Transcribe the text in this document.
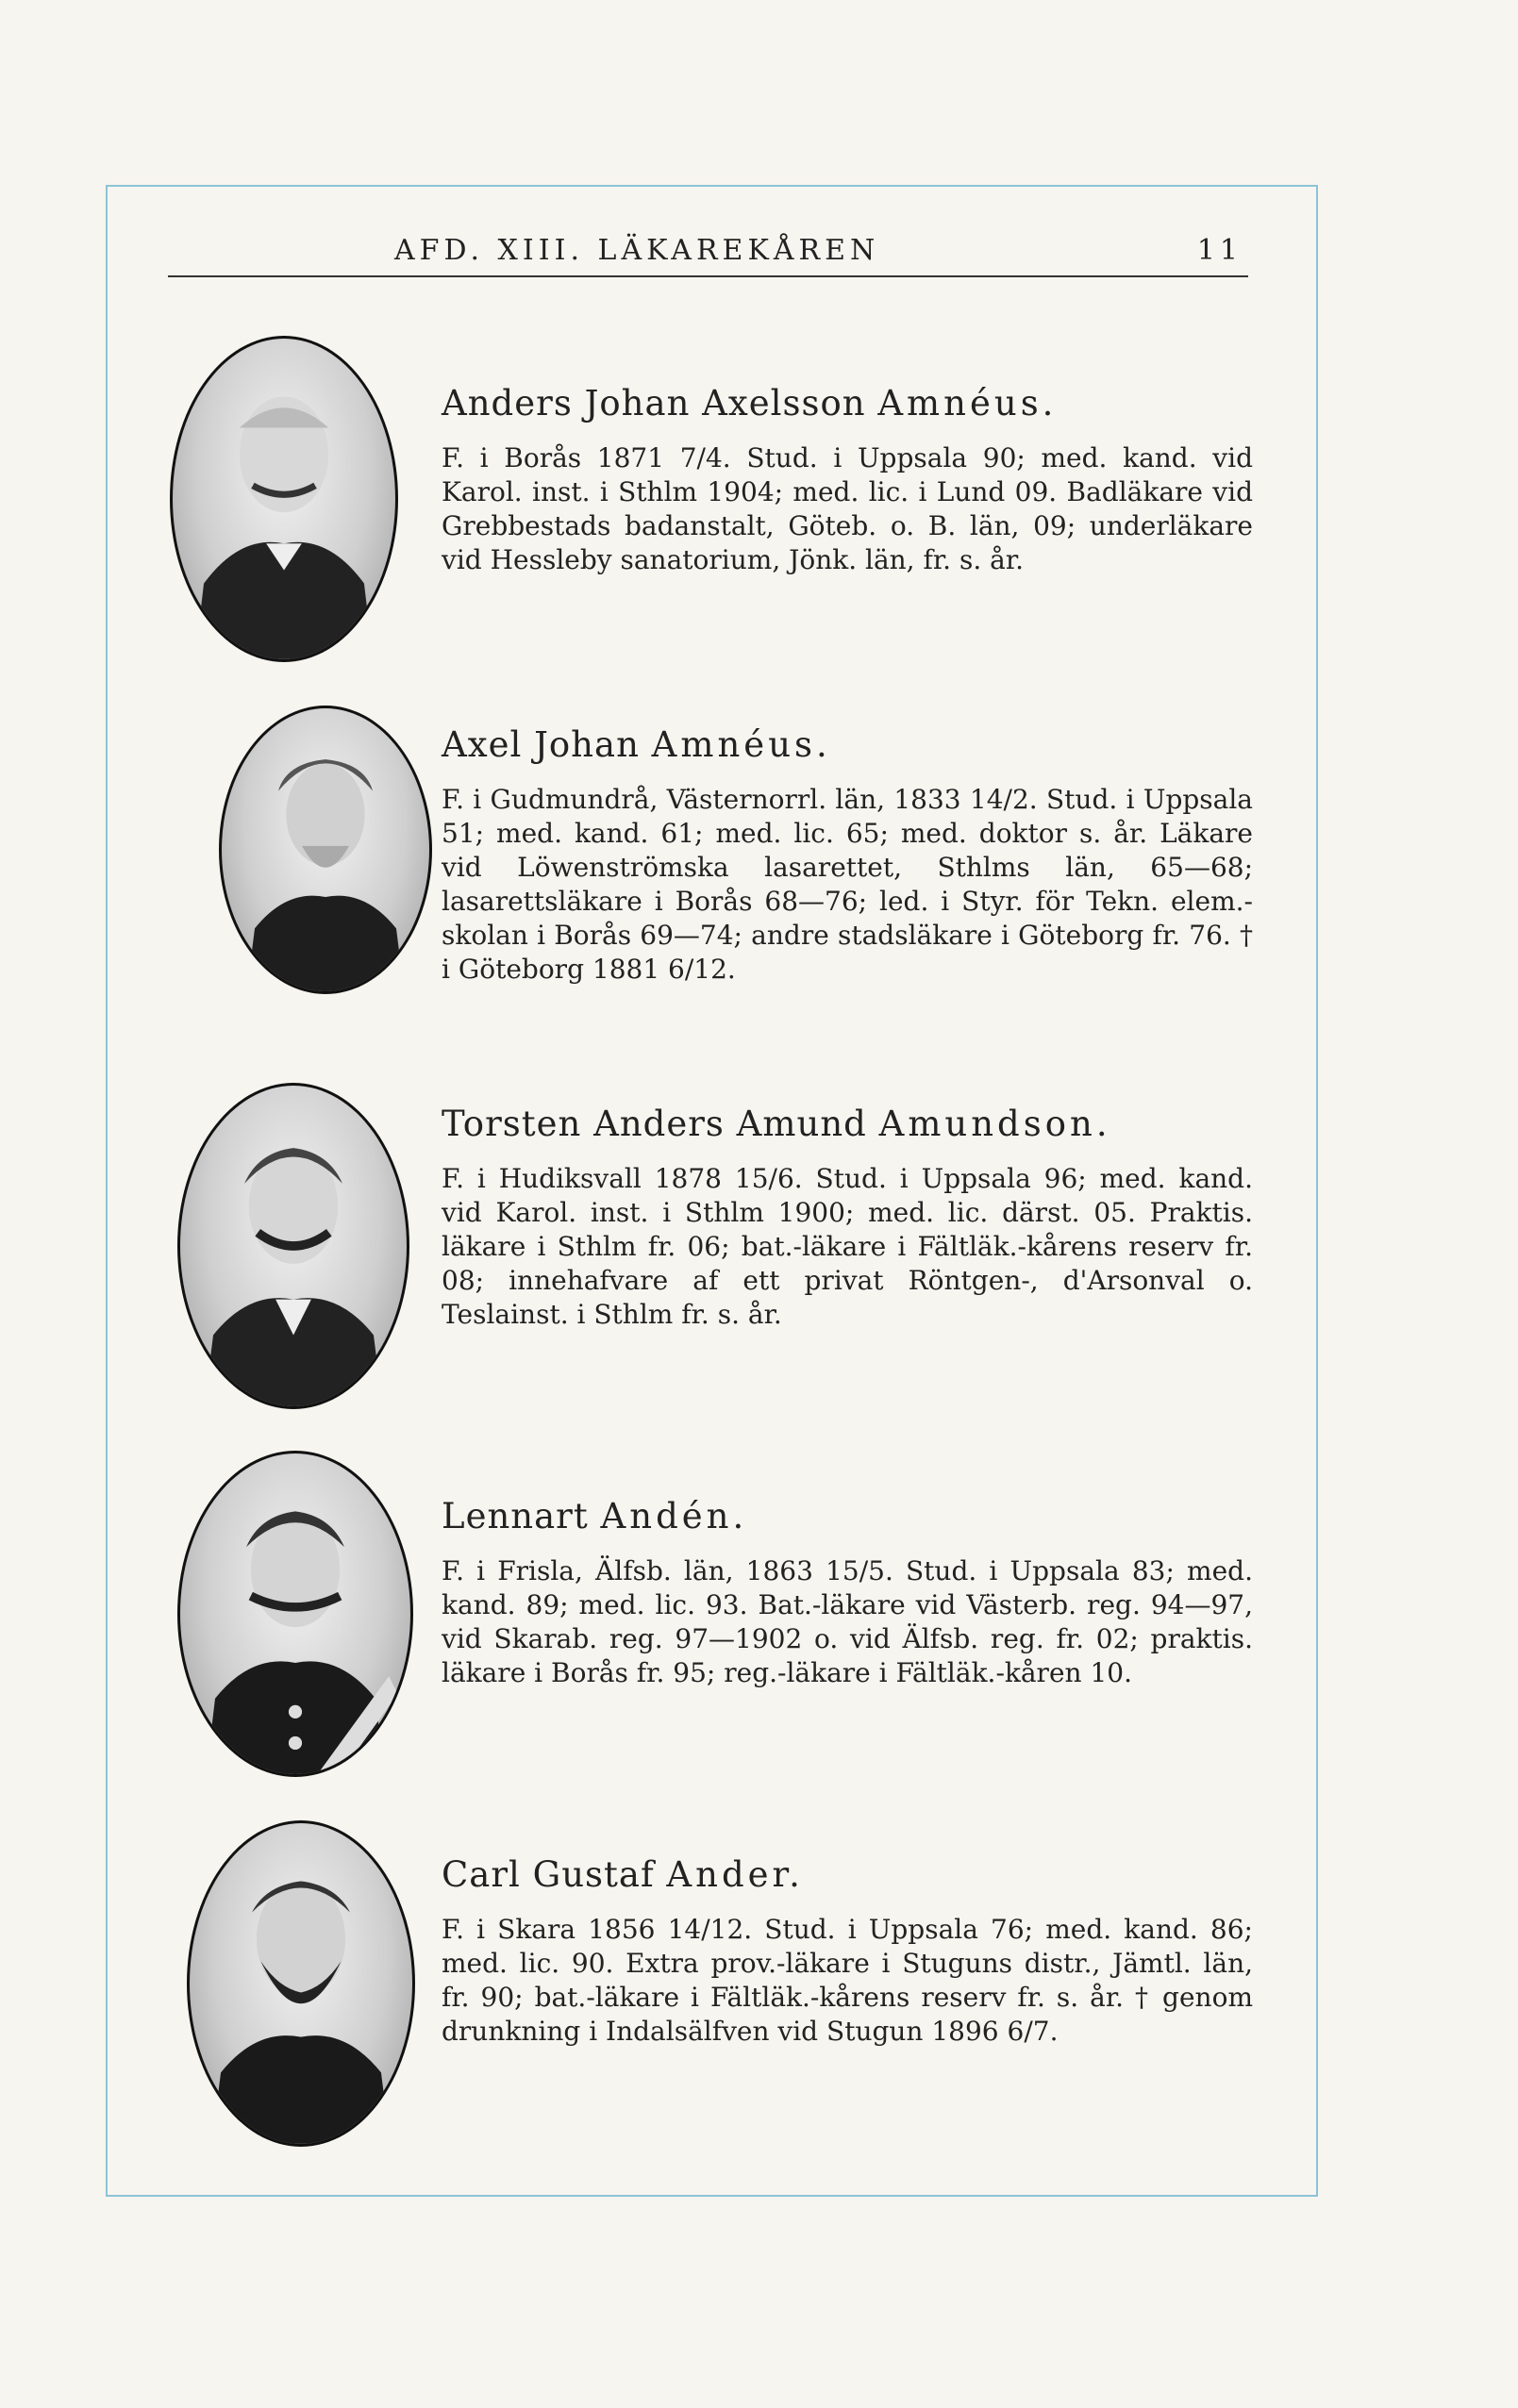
AFD. XIII. LÄKAREKÅREN	11

Anders Johan Axelsson Amnéus.

F. i Borås 1871 7/4. Stud. i Uppsala 90; med. kand. vid Karol. inst. i Sthlm 1904; med. lic. i Lund 09. Badläkare vid Grebbestads badanstalt, Göteb. o. B. län, 09; underläkare vid Hessleby sanatorium, Jönk. län, fr. s. år.

Axel Johan Amnéus.

F. i Gudmundrå, Västernorrl. län, 1833 14/2. Stud. i Uppsala 51; med. kand. 61; med. lic. 65; med. doktor s. år. Läkare vid Löwenströmska lasarettet, Sthlms län, 65—68; lasarettsläkare i Borås 68—76; led. i Styr. för Tekn. elem.-skolan i Borås 69—74; andre stadsläkare i Göteborg fr. 76. † i Göteborg 1881 6/12.

Torsten Anders Amund Amundson.

F. i Hudiksvall 1878 15/6. Stud. i Uppsala 96; med. kand. vid Karol. inst. i Sthlm 1900; med. lic. därst. 05. Praktis. läkare i Sthlm fr. 06; bat.-läkare i Fältläk.-kårens reserv fr. 08; innehafvare af ett privat Röntgen-, d'Arsonval o. Teslainst. i Sthlm fr. s. år.

Lennart Andén.

F. i Frisla, Älfsb. län, 1863 15/5. Stud. i Uppsala 83; med. kand. 89; med. lic. 93. Bat.-läkare vid Västerb. reg. 94—97, vid Skarab. reg. 97—1902 o. vid Älfsb. reg. fr. 02; praktis. läkare i Borås fr. 95; reg.-läkare i Fältläk.-kåren 10.

Carl Gustaf Ander.

F. i Skara 1856 14/12. Stud. i Uppsala 76; med. kand. 86; med. lic. 90. Extra prov.-läkare i Stuguns distr., Jämtl. län, fr. 90; bat.-läkare i Fältläk.-kårens reserv fr. s. år. † genom drunkning i Indalsälfven vid Stugun 1896 6/7.
